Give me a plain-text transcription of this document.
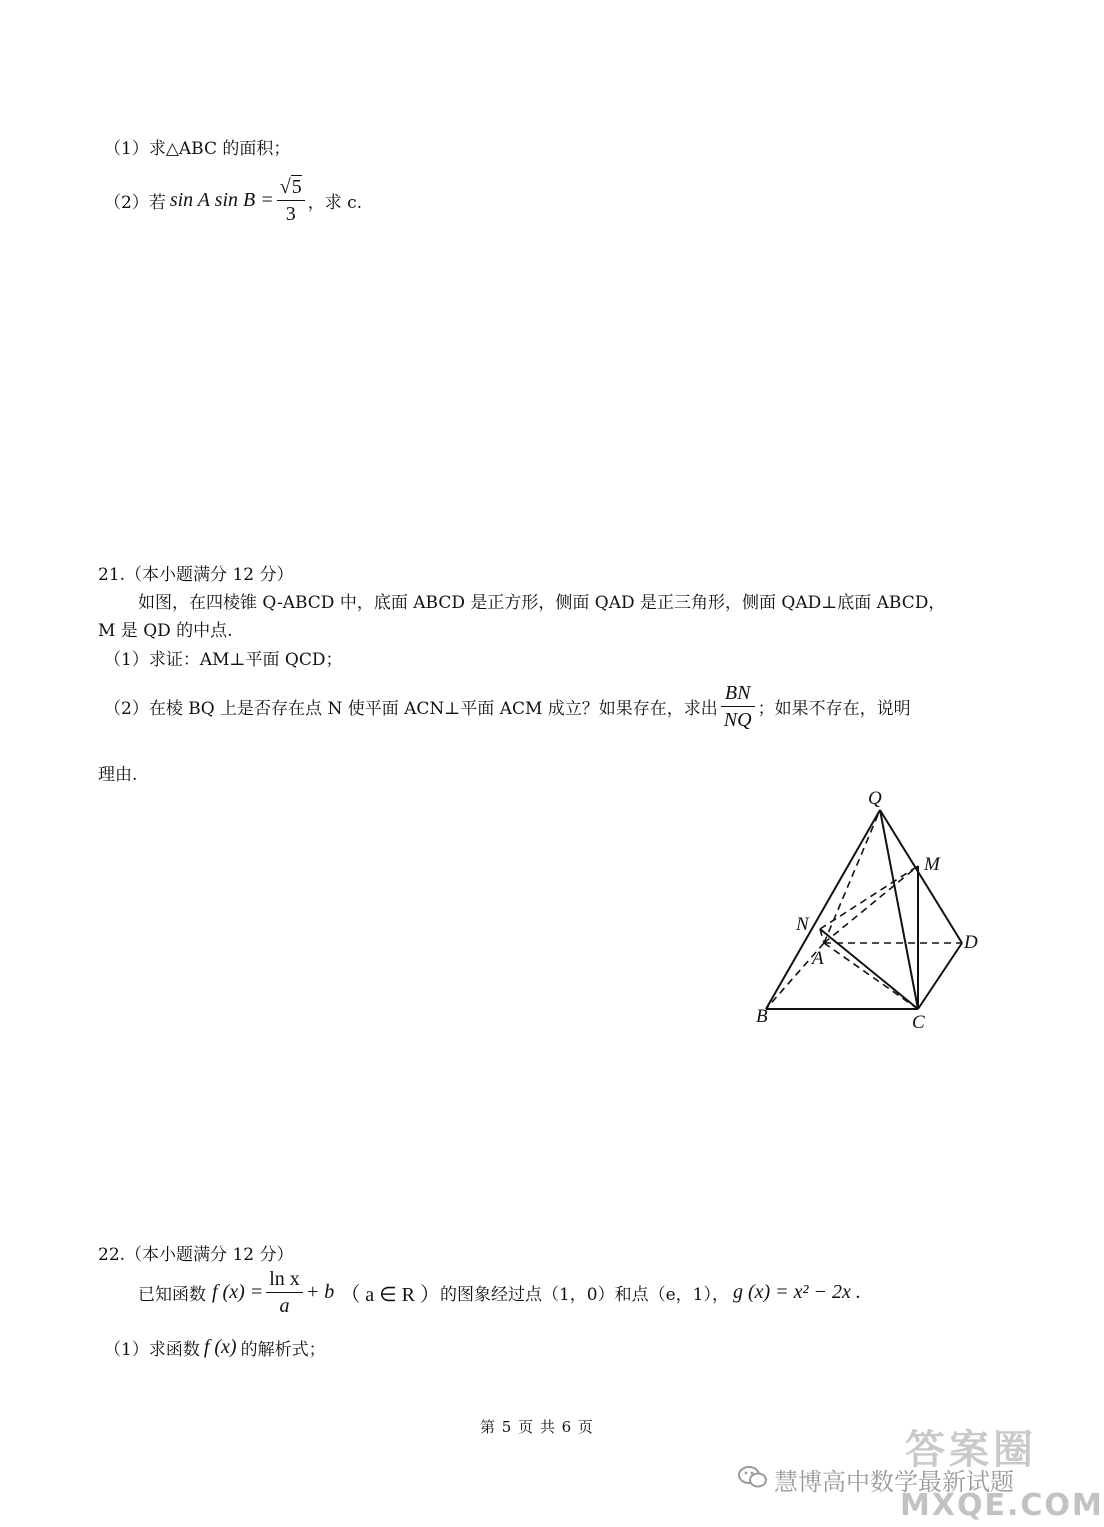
（1）求△ABC 的面积；
（2）若 sin A $\sin B = \frac{√5}{3}$ ，求 c.
21.（本小题满分 12 分）
如图，在四棱锥 Q-ABCD 中，底面 ABCD 是正方形，侧面 QAD 是正三角形，侧面 QAD⊥底面 ABCD，
M 是 QD 的中点.
（1）求证：AM⊥平面 QCD；
（2）在棱 BQ 上是否存在点 N 使平面 ACN⊥平面 ACM 成立？如果存在，求出 $\frac{BN}{NQ}$ ；如果不存在，说明
理由.
Q
M
N
A
D
B	C
22.（本小题满分 12 分）
已知函数 f $(x) = \frac{\text{ln x}}{a} + b$ （ a ∈ R ） 的图象经过点（1，0）和点（e，1）， g (x) = x² − 2x .
（1）求函数 f (x) 的解析式；
第 5 页 共 6 页	答案圈
慧博高中数学最新试题
MXQE.COM
